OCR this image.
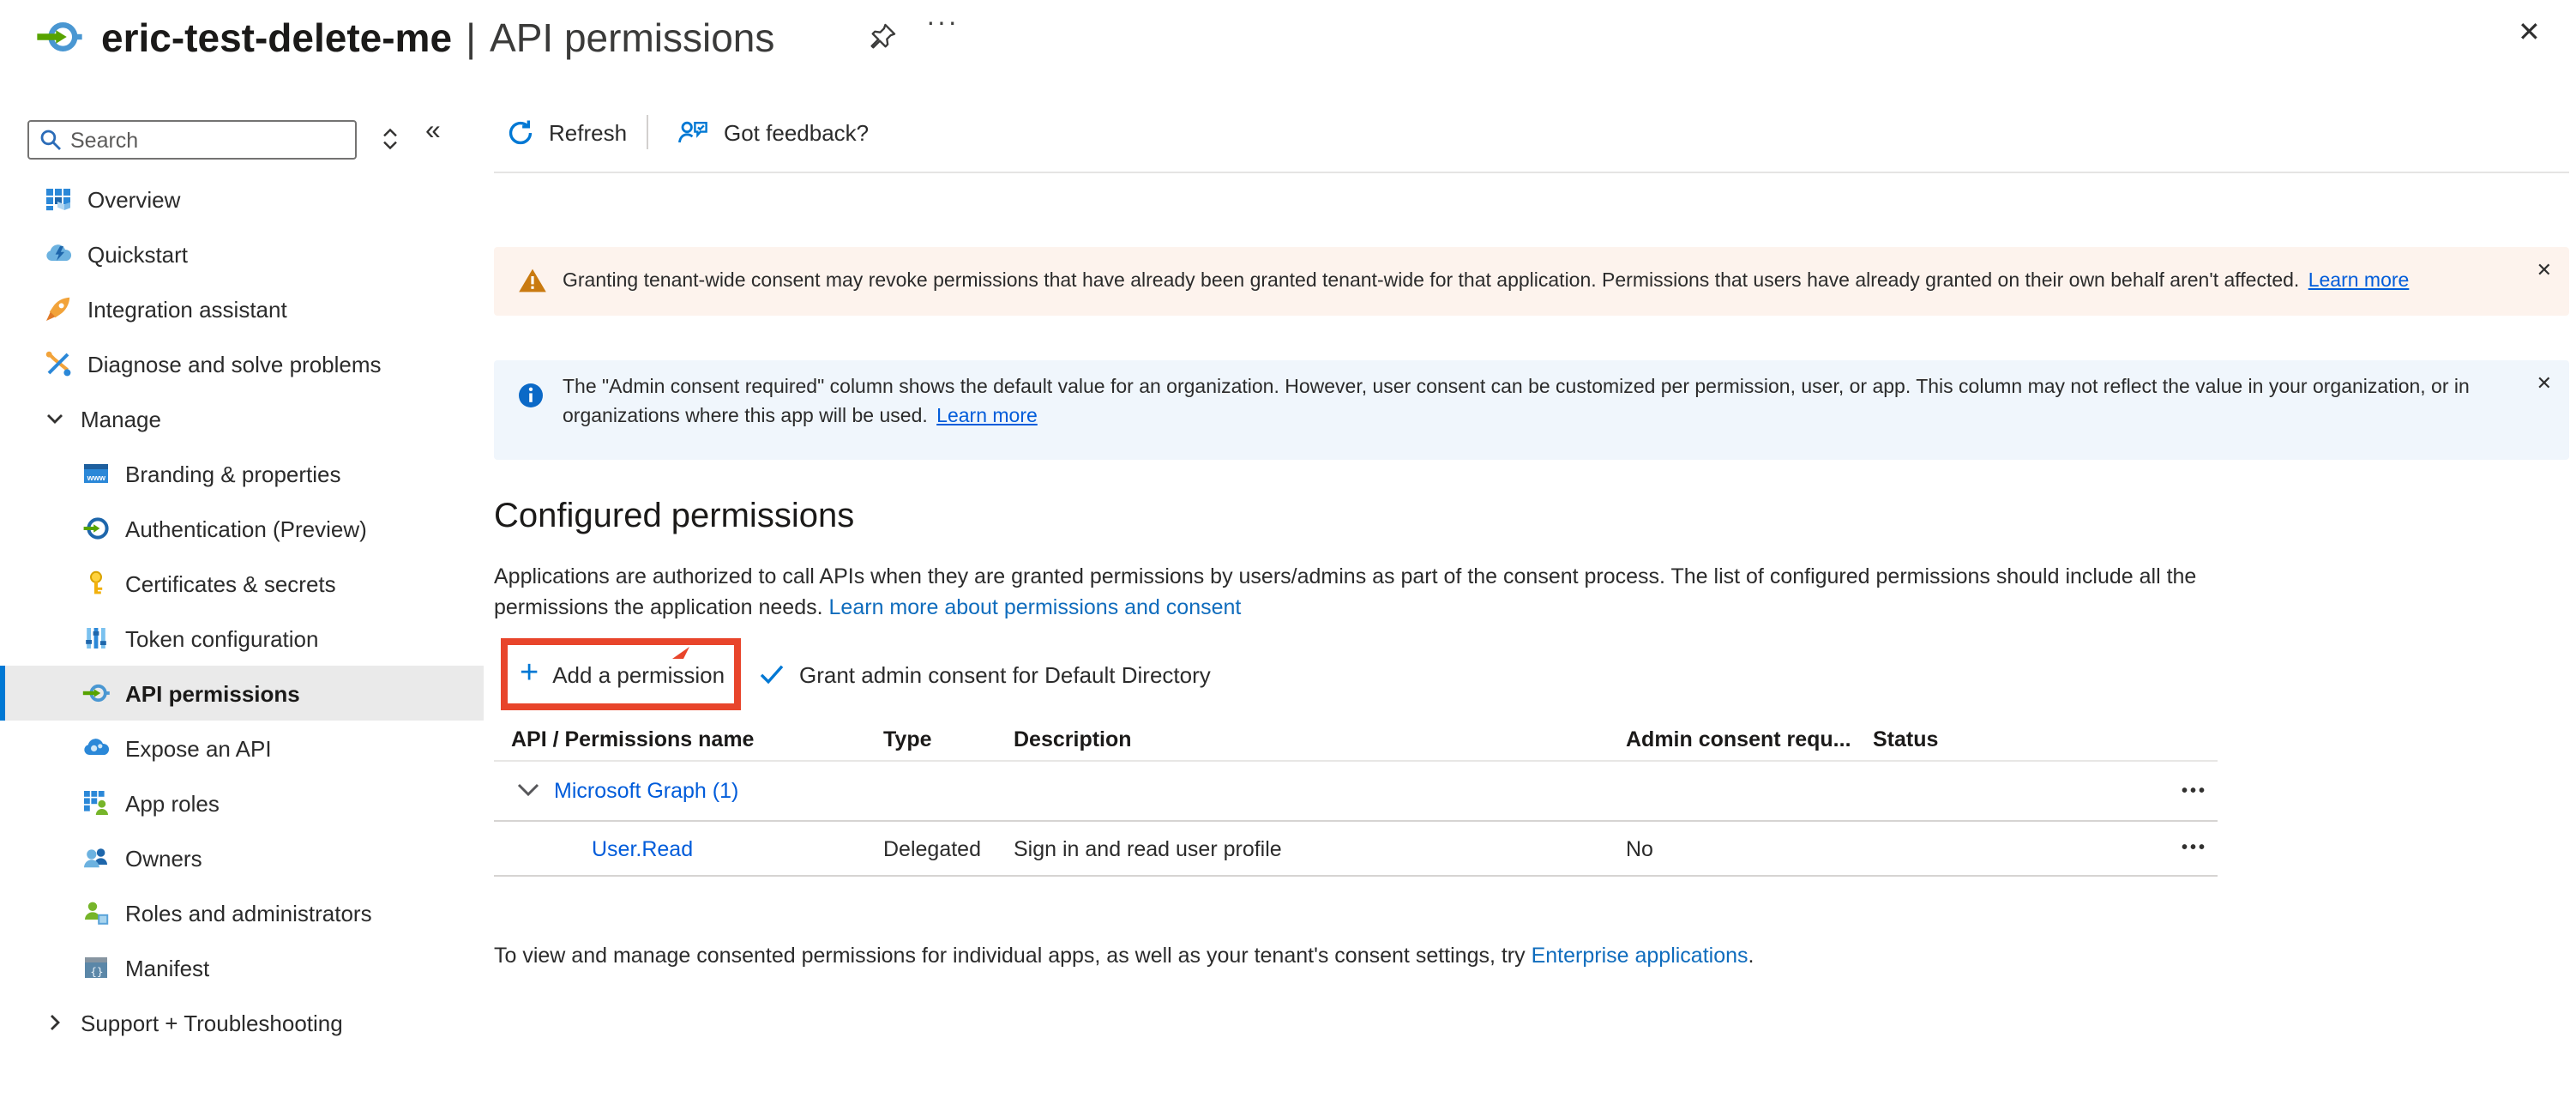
eric-test-delete-me | API permissions	···	✕
Search
«
Overview
Quickstart
Integration assistant
Diagnose and solve problems
Manage
www Branding & properties
Authentication (Preview)
Certificates & secrets
Token configuration
API permissions
Expose an API
App roles
Owners
Roles and administrators
{} Manifest
Support + Troubleshooting
Refresh	Got feedback?
Granting tenant-wide consent may revoke permissions that have already been granted tenant-wide for that application. Permissions that users have already granted on their own behalf aren't affected. Learn more	✕
The "Admin consent required" column shows the default value for an organization. However, user consent can be customized per permission, user, or app. This column may not reflect the value in your organization, or in organizations where this app will be used. Learn more
✕
Configured permissions
Applications are authorized to call APIs when they are granted permissions by users/admins as part of the consent process. The list of configured permissions should include all the permissions the application needs. Learn more about permissions and consent
+ Add a permission	Grant admin consent for Default Directory
API / Permissions name	Type	Description	Admin consent requ...	Status
Microsoft Graph (1)	•••
User.Read	Delegated	Sign in and read user profile	No	•••
To view and manage consented permissions for individual apps, as well as your tenant's consent settings, try Enterprise applications.
